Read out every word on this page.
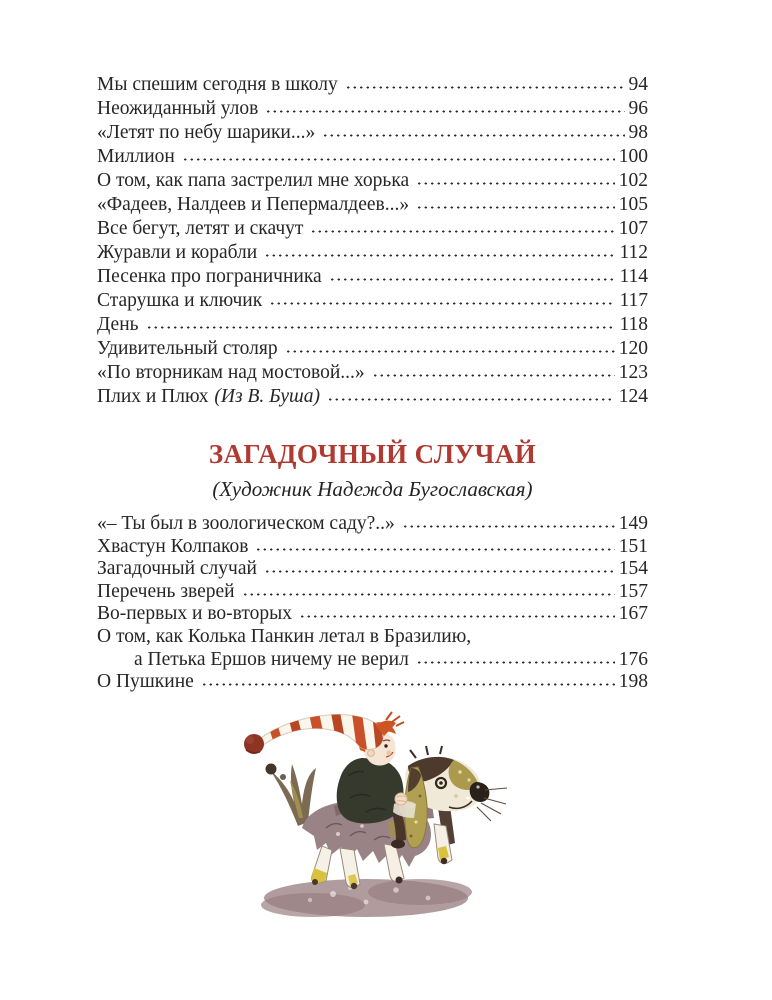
Мы спешим сегодня в школу	94
Неожиданный улов	96
«Летят по небу шарики...»	98
Миллион	100
О том, как папа застрелил мне хорька	102
«Фадеев, Налдеев и Пепермалдеев...»	105
Все бегут, летят и скачут	107
Журавли и корабли	112
Песенка про пограничника	114
Старушка и ключик	117
День	118
Удивительный столяр	120
«По вторникам над мостовой...»	123
Плих и Плюх (Из В. Буша)	124
ЗАГАДОЧНЫЙ СЛУЧАЙ
(Художник Надежда Бугославская)
«– Ты был в зоологическом саду?..»	149
Хвастун Колпаков	151
Загадочный случай	154
Перечень зверей	157
Во-первых и во-вторых	167
О том, как Колька Панкин летал в Бразилию,
а Петька Ершов ничему не верил	176
О Пушкине	198
